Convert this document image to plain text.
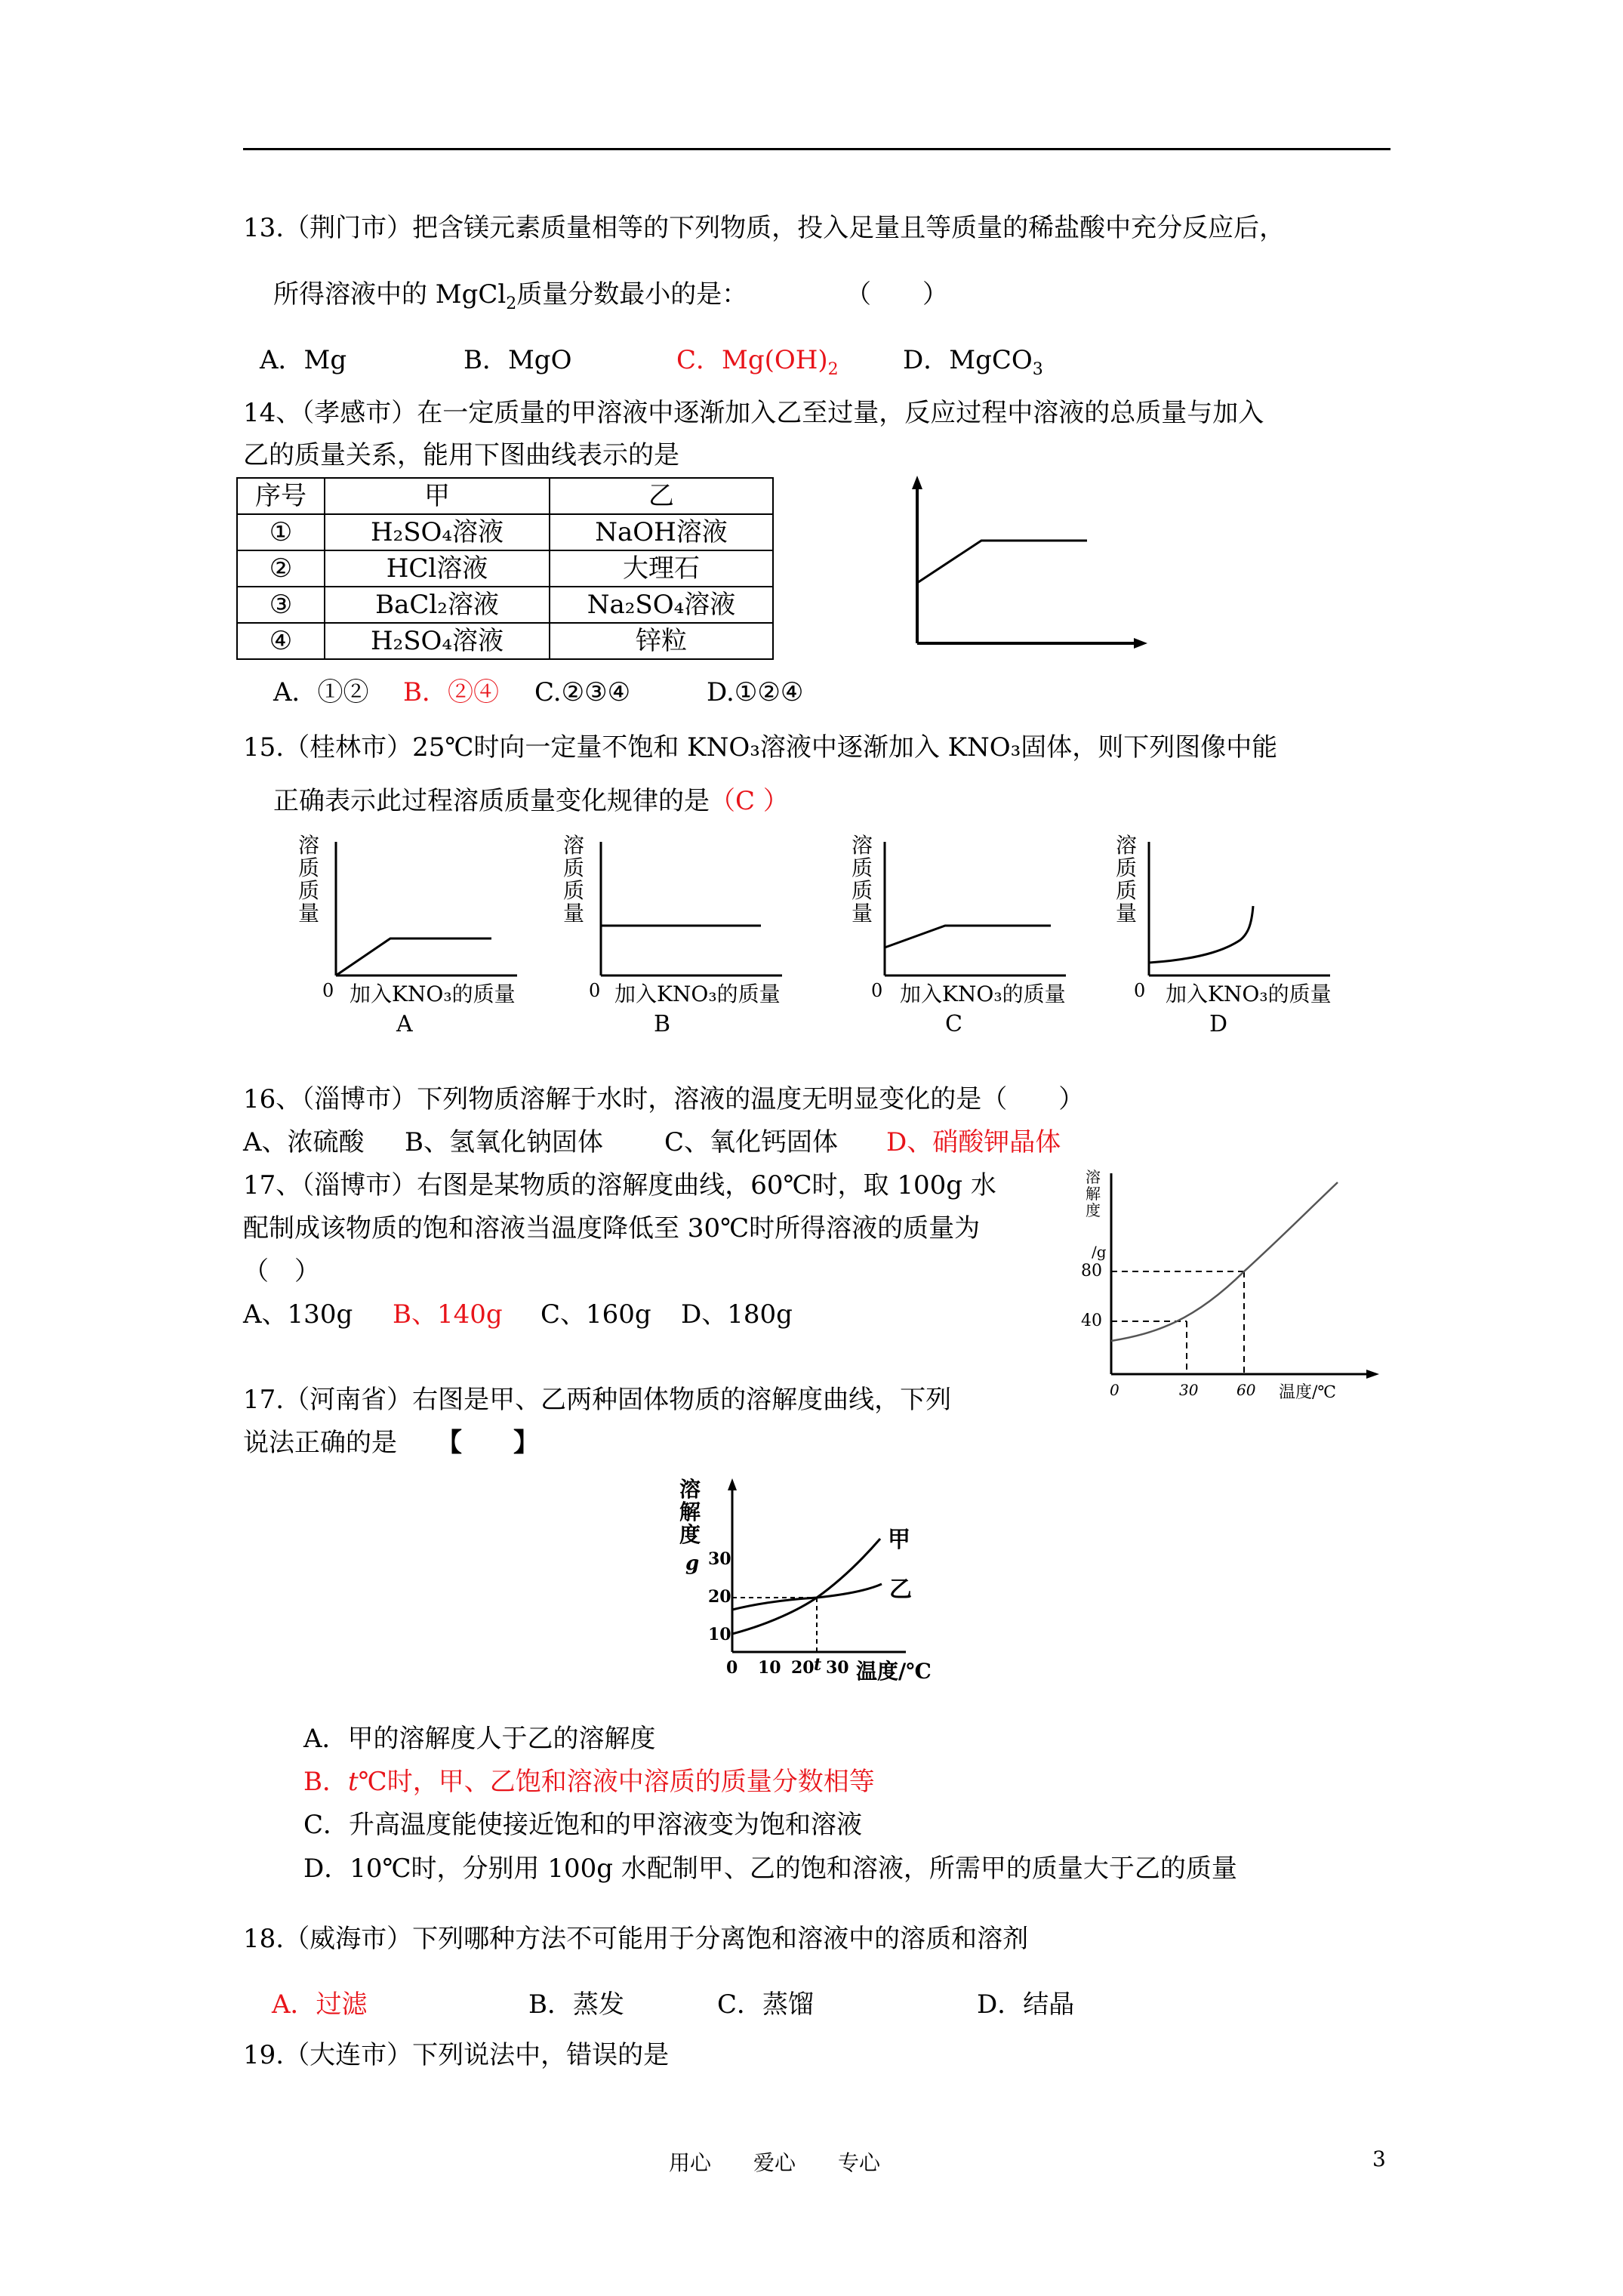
13.（荆门市）把含镁元素质量相等的下列物质，投入足量且等质量的稀盐酸中充分反应后，
所得溶液中的 MgCl$_2$质量分数最小的是：	（　　）
A．Mg	B．MgO	C．$Mg(OH)_2$	D．MgCO$_3$
14、（孝感市）在一定质量的甲溶液中逐渐加入乙至过量，反应过程中溶液的总质量与加入
乙的质量关系，能用下图曲线表示的是
序号	甲	乙
①	H₂SO₄溶液	NaOH溶液
②	HCl溶液	大理石
③	BaCl₂溶液	Na₂SO₄溶液
④	H₂SO₄溶液	锌粒
A．①② B．②④ C.②③④	D.①②④
15.（桂林市）25℃时向一定量不饱和 KNO₃溶液中逐渐加入 KNO₃固体，则下列图像中能
正确表示此过程溶质质量变化规律的是（C ）
溶
质
质
量
0 加入KNO₃的质量
A
溶
质
质
量
0 加入KNO₃的质量
B
溶
质
质
量
0 加入KNO₃的质量
C
溶
质
质
量
0 加入KNO₃的质量
D
16、（淄博市）下列物质溶解于水时，溶液的温度无明显变化的是（　　）
A、浓硫酸 B、氢氧化钠固体 C、氧化钙固体 D、硝酸钾晶体
17、（淄博市）右图是某物质的溶解度曲线，60℃时，取 100g 水
配制成该物质的饱和溶液当温度降低至 30℃时所得溶液的质量为
（　）
A、130g B、140g C、160g D、180g
溶
解
度
/g
80
40
0	30	60 温度/℃
17.（河南省）右图是甲、乙两种固体物质的溶解度曲线，下列
说法正确的是 【　　】
溶
解
度
g 30
20
10
0 10 20 t 30 温度/℃
甲
乙
A．甲的溶解度人于乙的溶解度
B．t℃时，甲、乙饱和溶液中溶质的质量分数相等
C．升高温度能使接近饱和的甲溶液变为饱和溶液
D．10℃时，分别用 100g 水配制甲、乙的饱和溶液，所需甲的质量大于乙的质量
18.（威海市）下列哪种方法不可能用于分离饱和溶液中的溶质和溶剂
A．过滤	B．蒸发	C．蒸馏	D．结晶
19.（大连市）下列说法中，错误的是
用心　　爱心　　专心	3
